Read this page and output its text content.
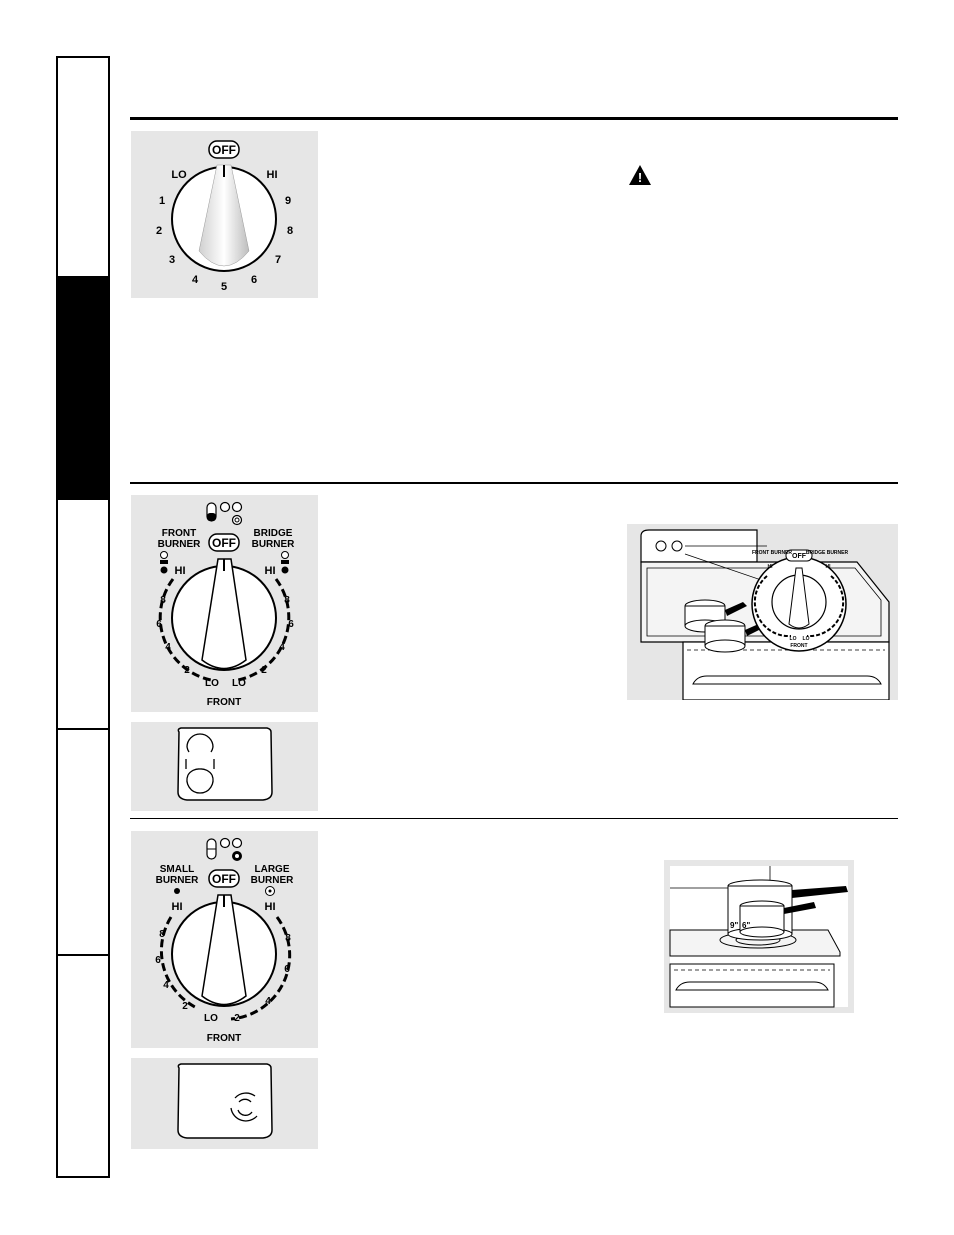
OFF
LO	HI
1
2
3
4
5
6
7
8
9
!
FRONT
BURNER
BRIDGE
BURNER
OFF
HI	HI
8
6
4
2
8
6
4
2
LO LO
FRONT
OFF
FRONT BURNER	BRIDGE BURNER
HI	HI
LO LO
FRONT
SMALL
BURNER
LARGE
BURNER
OFF
HI	HI
8
6
4
2
8
6
4
2
LO
FRONT
9" 6"
